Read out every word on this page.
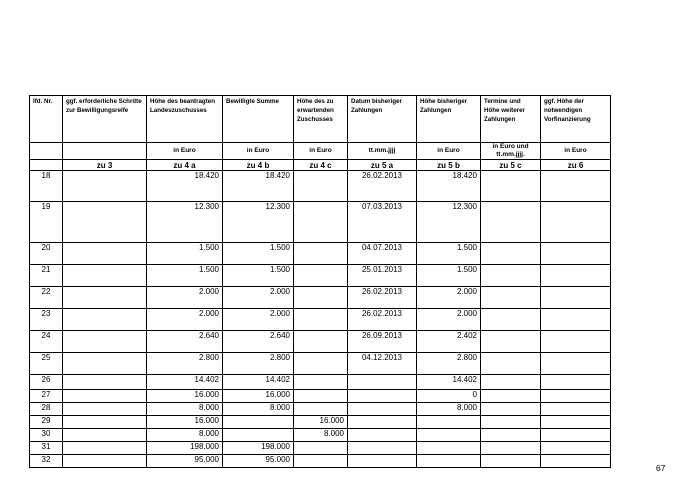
lfd. Nr.	ggf. erforderliche Schritte zur Bewilligungsreife	Höhe des beantragten Landeszuschusses	Bewilligte Summe	Höhe des zu erwartenden Zuschusses	Datum bisheriger Zahlungen	Höhe bisheriger Zahlungen	Termine und Höhe weiterer Zahlungen	ggf. Höhe der notwendigen Vorfinanzierung
		in Euro	in Euro	in Euro	tt.mm.jjjj	in Euro	in Euro und tt.mm.jjjj.	in Euro
	zu 3	zu 4 a	zu 4 b	zu 4 c	zu 5 a	zu 5 b	zu 5 c	zu 6
18		18.420	18.420		26.02.2013	18.420		
19		12.300	12.300		07.03.2013	12.300		
20		1.500	1.500		04.07.2013	1.500		
21		1.500	1.500		25.01.2013	1.500		
22		2.000	2.000		26.02.2013	2.000		
23		2.000	2.000		26.02.2013	2.000		
24		2.640	2.640		26.09.2013	2.402		
25		2.800	2.800		04.12.2013	2.800		
26		14.402	14.402			14.402		
27		16.000	16.000			0		
28		8.000	8.000			8.000		
29		16.000		16.000				
30		8.000		8.000				
31		198.000	198.000					
32		95.000	95.000					
67
